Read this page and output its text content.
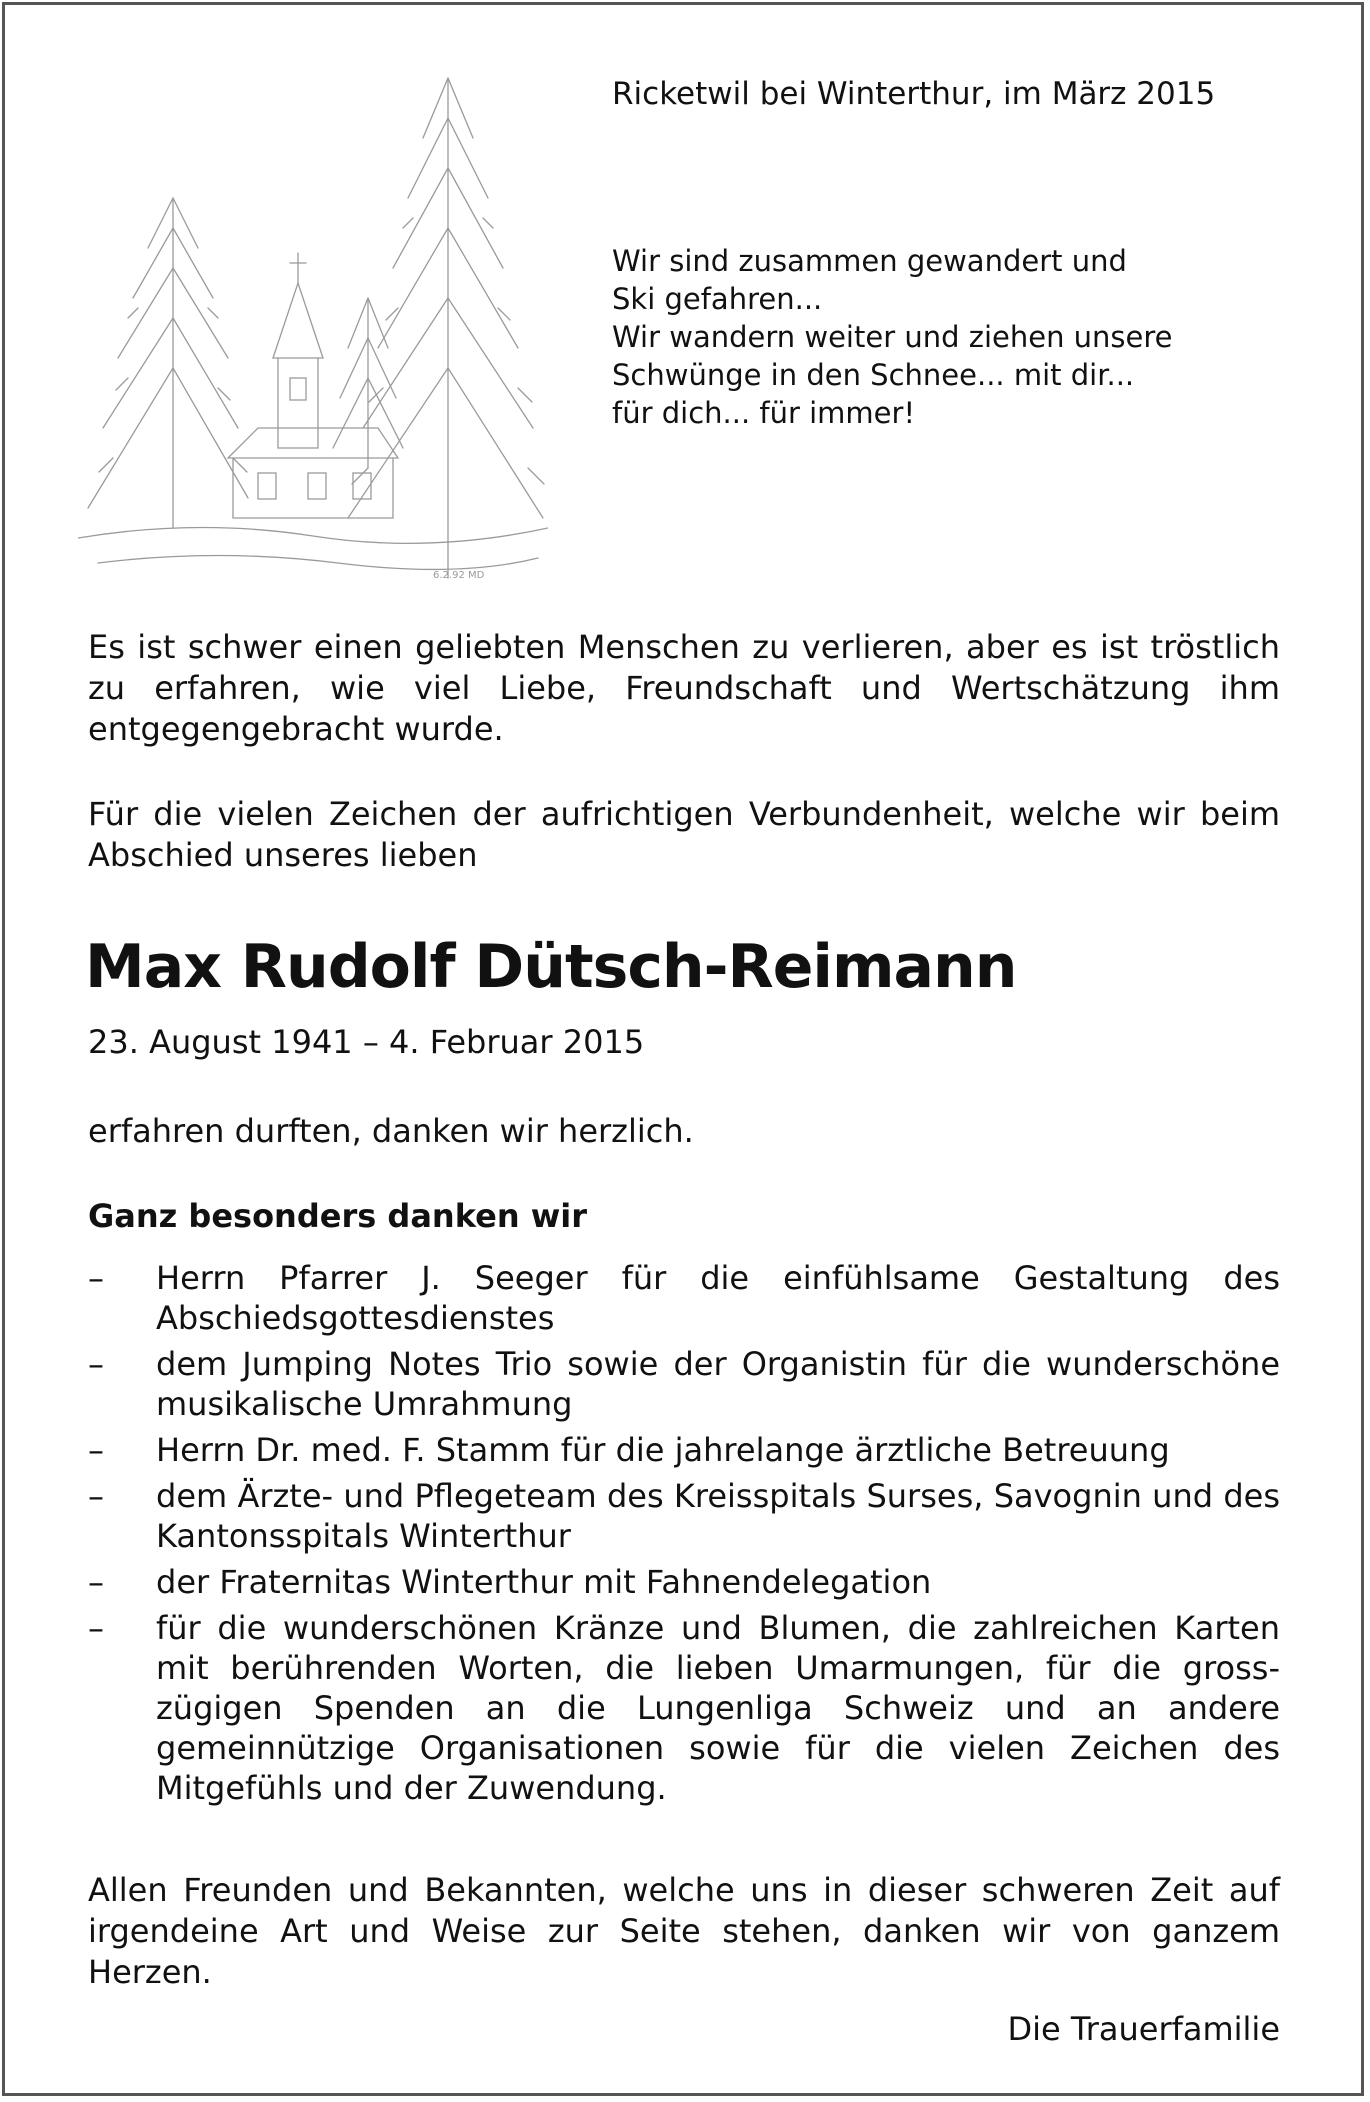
6.2.92 MD
Ricketwil bei Winterthur, im März 2015
Wir sind zusammen gewandert und
Ski gefahren...
Wir wandern weiter und ziehen unsere
Schwünge in den Schnee... mit dir...
für dich... für immer!
Es ist schwer einen geliebten Menschen zu verlieren, aber es ist tröstlich zu erfahren, wie viel Liebe, Freundschaft und Wertschätzung ihm entgegengebracht wurde.
Für die vielen Zeichen der aufrichtigen Verbundenheit, welche wir beim Abschied unseres lieben
Max Rudolf Dütsch-Reimann
23. August 1941 – 4. Februar 2015
erfahren durften, danken wir herzlich.
Ganz besonders danken wir
– Herrn Pfarrer J. Seeger für die einfühlsame Gestaltung des Abschiedsgottesdienstes
– dem Jumping Notes Trio sowie der Organistin für die wunderschöne musikalische Umrahmung
– Herrn Dr. med. F. Stamm für die jahrelange ärztliche Betreuung
– dem Ärzte- und Pflegeteam des Kreisspitals Surses, Savognin und des Kantonsspitals Winterthur
– der Fraternitas Winterthur mit Fahnendelegation
– für die wunderschönen Kränze und Blumen, die zahlreichen Karten mit berührenden Worten, die lieben Umarmungen, für die grosszügigen Spenden an die Lungenliga Schweiz und an andere gemeinnützige Organisationen sowie für die vielen Zeichen des Mitgefühls und der Zuwendung.
Allen Freunden und Bekannten, welche uns in dieser schweren Zeit auf irgendeine Art und Weise zur Seite stehen, danken wir von ganzem Herzen.
Die Trauerfamilie
